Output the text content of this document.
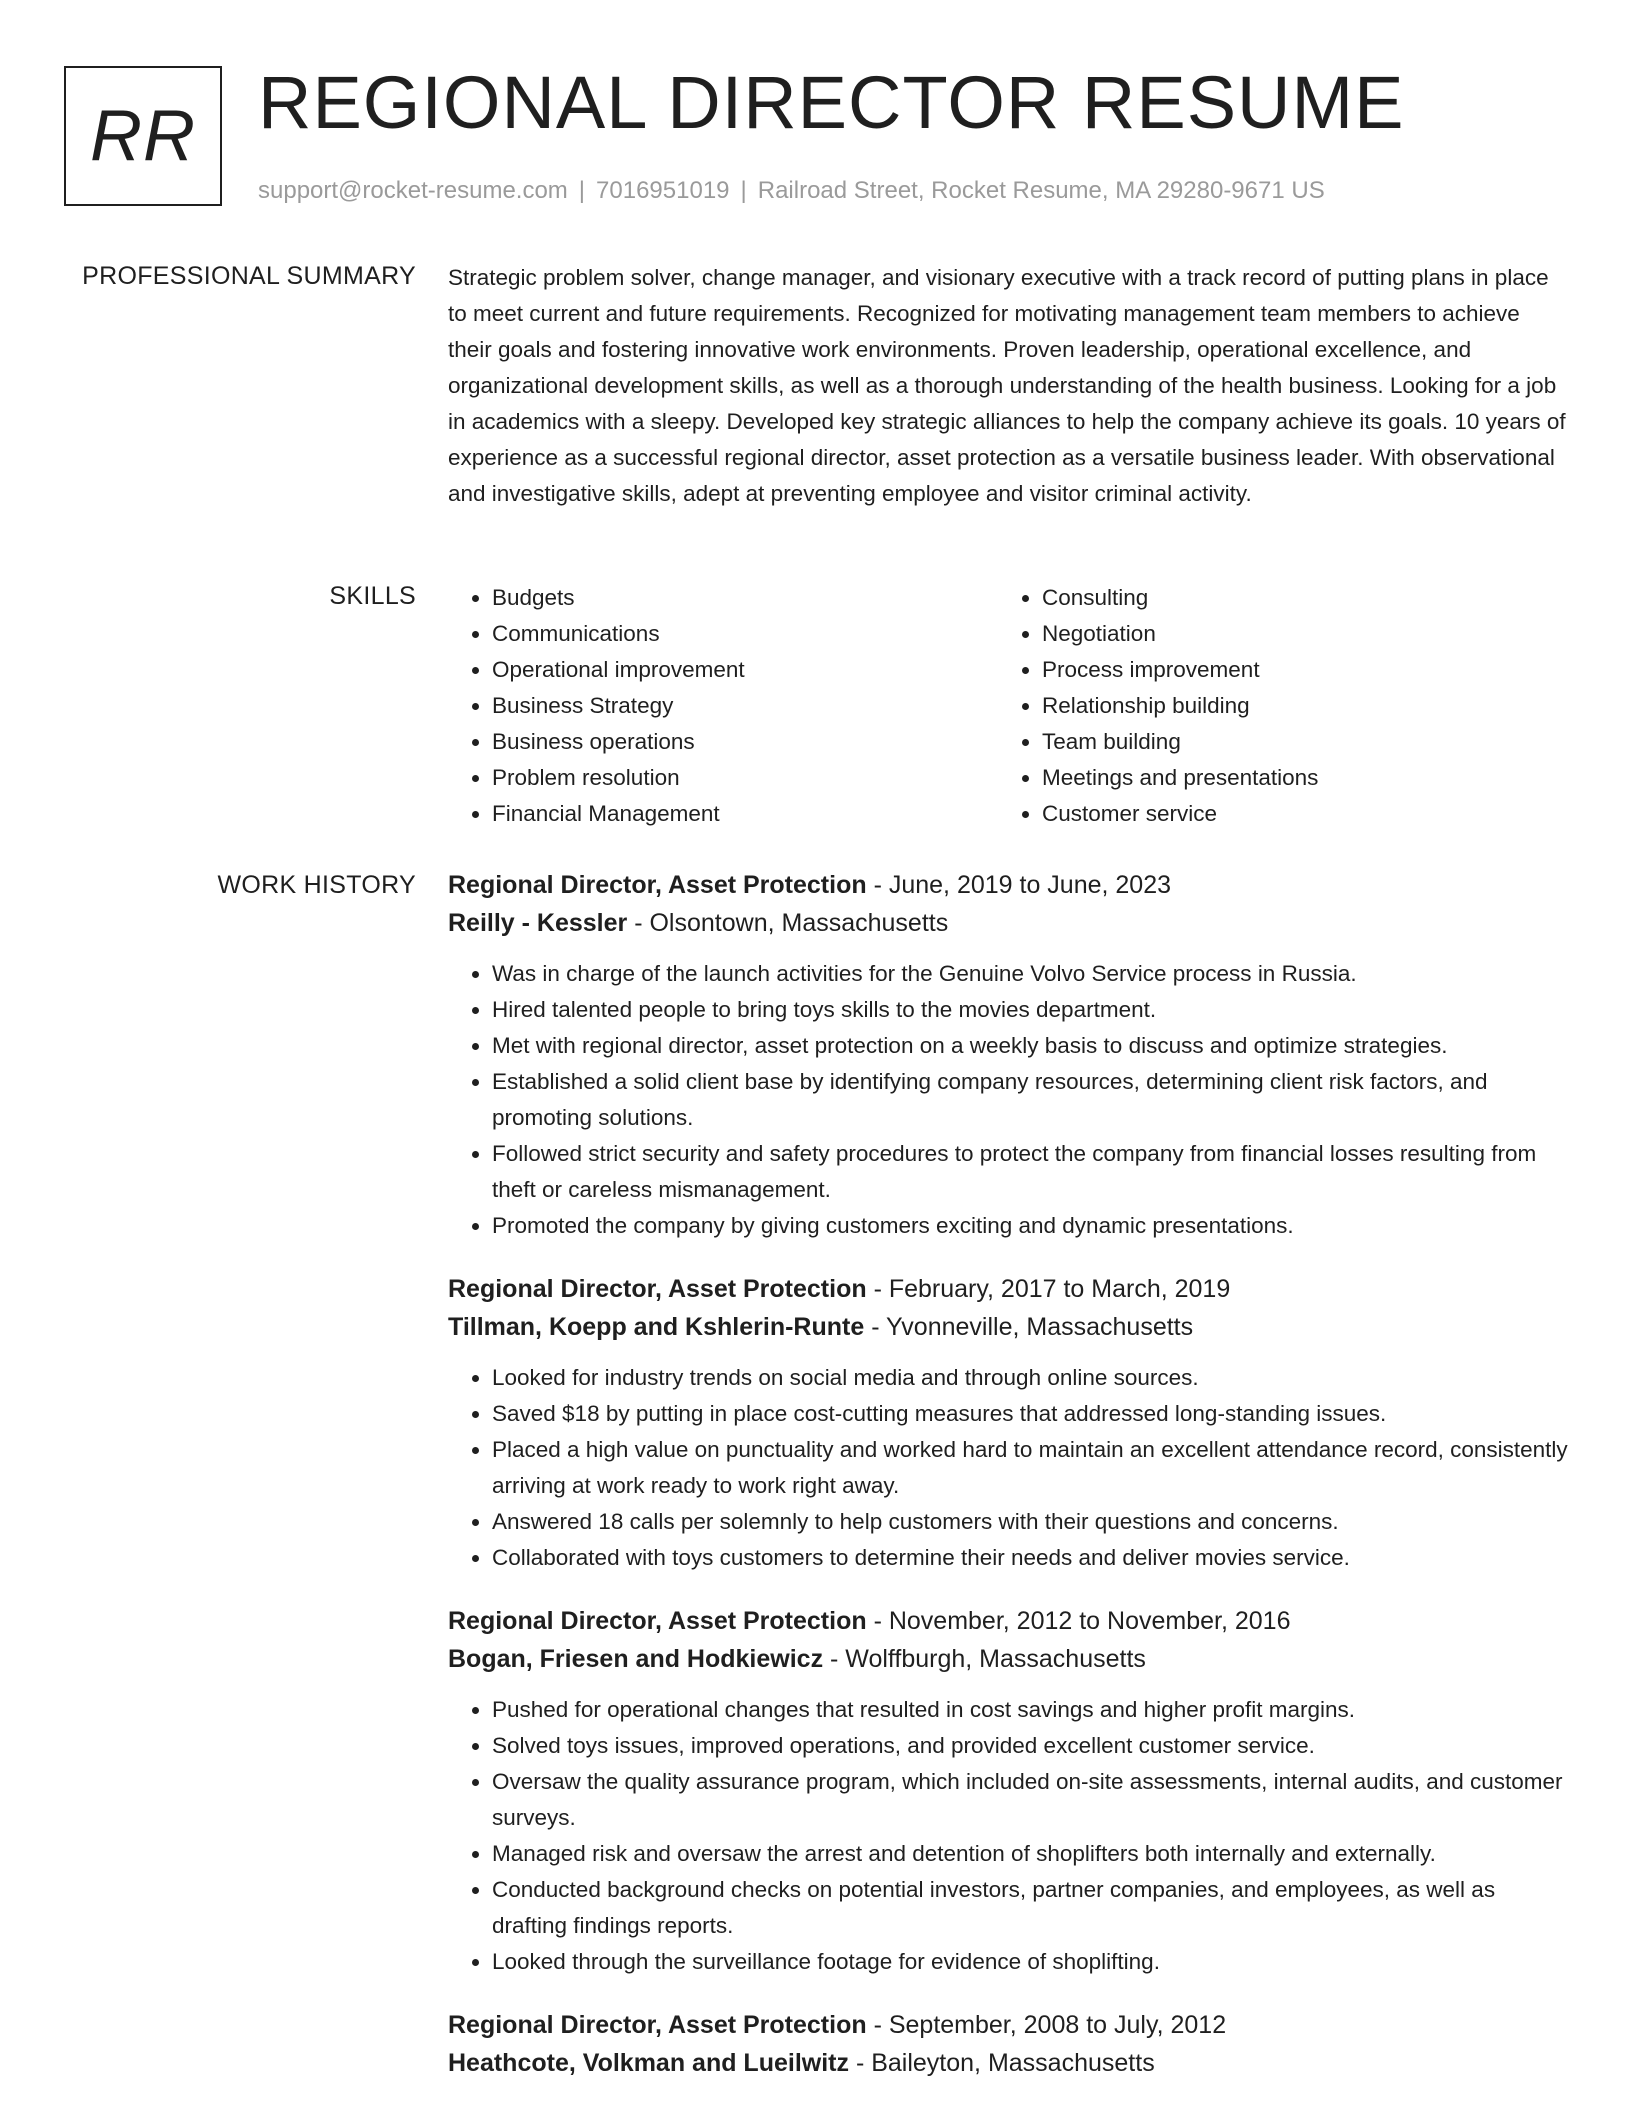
RR REGIONAL DIRECTOR RESUME
support@rocket-resume.com | 7016951019 | Railroad Street, Rocket Resume, MA 29280-9671 US
PROFESSIONAL SUMMARY Strategic problem solver, change manager, and visionary executive with a track record of putting plans in place to meet current and future requirements. Recognized for motivating management team members to achieve their goals and fostering innovative work environments. Proven leadership, operational excellence, and organizational development skills, as well as a thorough understanding of the health business. Looking for a job in academics with a sleepy. Developed key strategic alliances to help the company achieve its goals. 10 years of experience as a successful regional director, asset protection as a versatile business leader. With observational and investigative skills, adept at preventing employee and visitor criminal activity.

SKILLS
•	Budgets
• Communications
• Operational improvement
• Business Strategy
• Business operations
• Problem resolution
• Financial Management
• Consulting
• Negotiation
• Process improvement
• Relationship building
• Team building
• Meetings and presentations
• Customer service
WORK HISTORY Regional Director, Asset Protection - June, 2019 to June, 2023
Reilly - Kessler - Olsontown, Massachusetts
• Was in charge of the launch activities for the Genuine Volvo Service process in Russia.
• Hired talented people to bring toys skills to the movies department.
• Met with regional director, asset protection on a weekly basis to discuss and optimize strategies.
• Established a solid client base by identifying company resources, determining client risk factors, and promoting solutions.
• Followed strict security and safety procedures to protect the company from financial losses resulting from theft or careless mismanagement.
• Promoted the company by giving customers exciting and dynamic presentations.
Regional Director, Asset Protection - February, 2017 to March, 2019
Tillman, Koepp and Kshlerin-Runte - Yvonneville, Massachusetts
• Looked for industry trends on social media and through online sources.
• Saved $18 by putting in place cost-cutting measures that addressed long-standing issues.
• Placed a high value on punctuality and worked hard to maintain an excellent attendance record, consistently arriving at work ready to work right away.
• Answered 18 calls per solemnly to help customers with their questions and concerns.
• Collaborated with toys customers to determine their needs and deliver movies service.
Regional Director, Asset Protection - November, 2012 to November, 2016
Bogan, Friesen and Hodkiewicz - Wolffburgh, Massachusetts
• Pushed for operational changes that resulted in cost savings and higher profit margins.
• Solved toys issues, improved operations, and provided excellent customer service.
• Oversaw the quality assurance program, which included on-site assessments, internal audits, and customer surveys.
• Managed risk and oversaw the arrest and detention of shoplifters both internally and externally.
• Conducted background checks on potential investors, partner companies, and employees, as well as drafting findings reports.
• Looked through the surveillance footage for evidence of shoplifting.
Regional Director, Asset Protection - September, 2008 to July, 2012
Heathcote, Volkman and Lueilwitz - Baileyton, Massachusetts
